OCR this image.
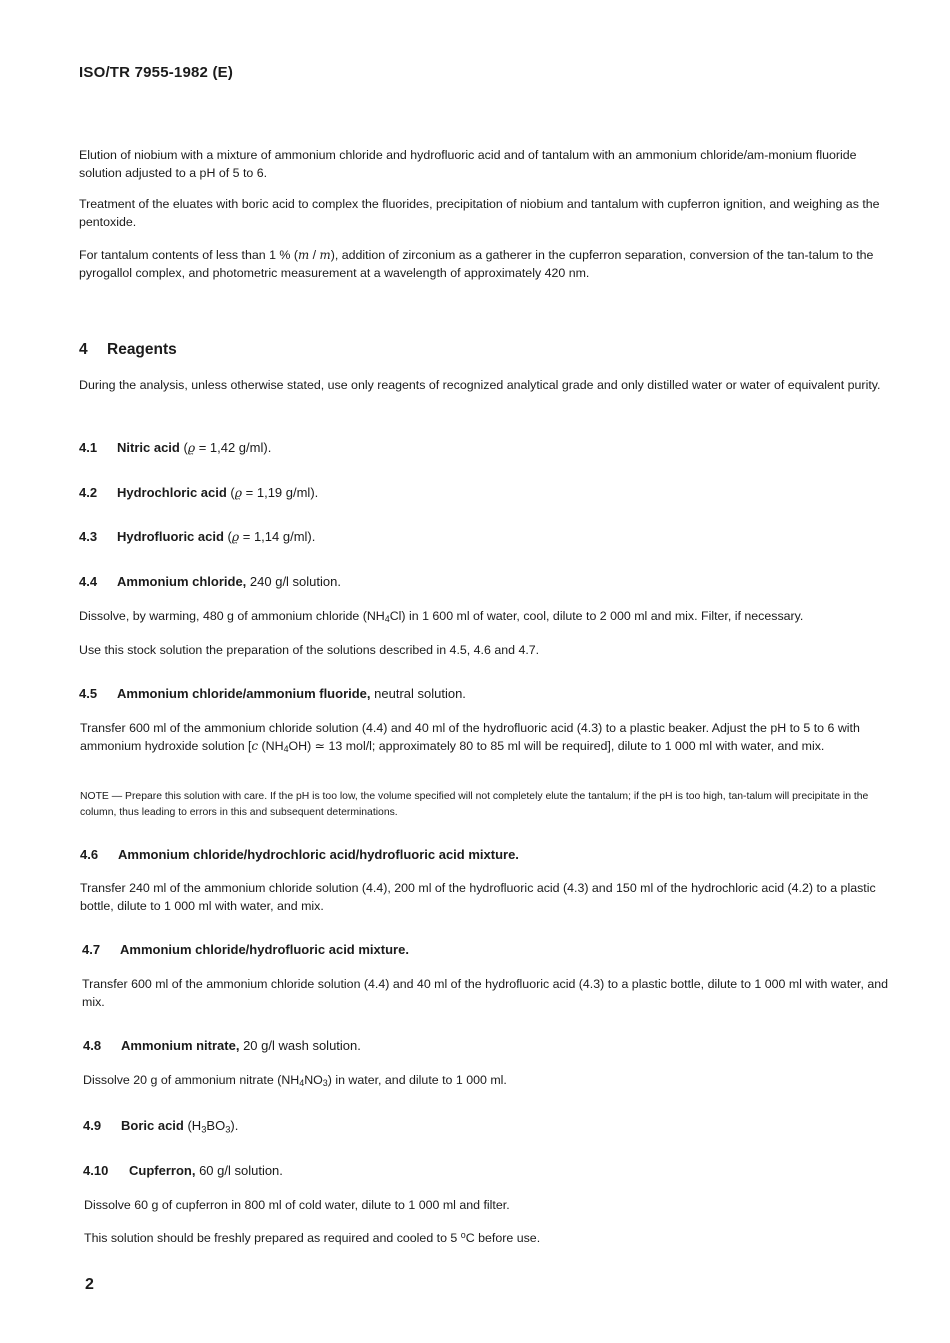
ISO/TR 7955-1982 (E)

Elution of niobium with a mixture of ammonium chloride and hydrofluoric acid and of tantalum with an ammonium chloride/am-monium fluoride solution adjusted to a pH of 5 to 6.

Treatment of the eluates with boric acid to complex the fluorides, precipitation of niobium and tantalum with cupferron ignition, and weighing as the pentoxide.

For tantalum contents of less than 1 % (m / m), addition of zirconium as a gatherer in the cupferron separation, conversion of the tan-talum to the pyrogallol complex, and photometric measurement at a wavelength of approximately 420 nm.

4 Reagents

During the analysis, unless otherwise stated, use only reagents of recognized analytical grade and only distilled water or water of equivalent purity.

4.1 Nitric acid (ϱ = 1,42 g/ml).
4.2 Hydrochloric acid (ϱ = 1,19 g/ml).
4.3 Hydrofluoric acid (ϱ = 1,14 g/ml).
4.4 Ammonium chloride, 240 g/l solution.

Dissolve, by warming, 480 g of ammonium chloride $(NH_4Cl)$ in 1 600 ml of water, cool, dilute to 2 000 ml and mix. Filter, if necessary.

Use this stock solution the preparation of the solutions described in 4.5, 4.6 and 4.7.

4.5 Ammonium chloride/ammonium fluoride, neutral solution.

Transfer 600 ml of the ammonium chloride solution (4.4) and 40 ml of the hydrofluoric acid (4.3) to a plastic beaker. Adjust the pH to 5 to 6 with ammonium hydroxide solution [c $(NH_4OH)$ ≃ 13 mol/l; approximately 80 to 85 ml will be required], dilute to 1 000 ml with water, and mix.

NOTE — Prepare this solution with care. If the pH is too low, the volume specified will not completely elute the tantalum; if the pH is too high, tan-talum will precipitate in the column, thus leading to errors in this and subsequent determinations.

4.6 Ammonium chloride/hydrochloric acid/hydrofluoric acid mixture.

Transfer 240 ml of the ammonium chloride solution (4.4), 200 ml of the hydrofluoric acid (4.3) and 150 ml of the hydrochloric acid (4.2) to a plastic bottle, dilute to 1 000 ml with water, and mix.

4.7 Ammonium chloride/hydrofluoric acid mixture.

Transfer 600 ml of the ammonium chloride solution (4.4) and 40 ml of the hydrofluoric acid (4.3) to a plastic bottle, dilute to 1 000 ml with water, and mix.

4.8 Ammonium nitrate, 20 g/l wash solution.

Dissolve 20 g of ammonium nitrate $(NH_4NO_3)$ in water, and dilute to 1 000 ml.

4.9 Boric acid $(H_3BO_3)$.
4.10 Cupferron, 60 g/l solution.

Dissolve 60 g of cupferron in 800 ml of cold water, dilute to 1 000 ml and filter.

This solution should be freshly prepared as required and cooled to 5 $^o$C before use.

2
